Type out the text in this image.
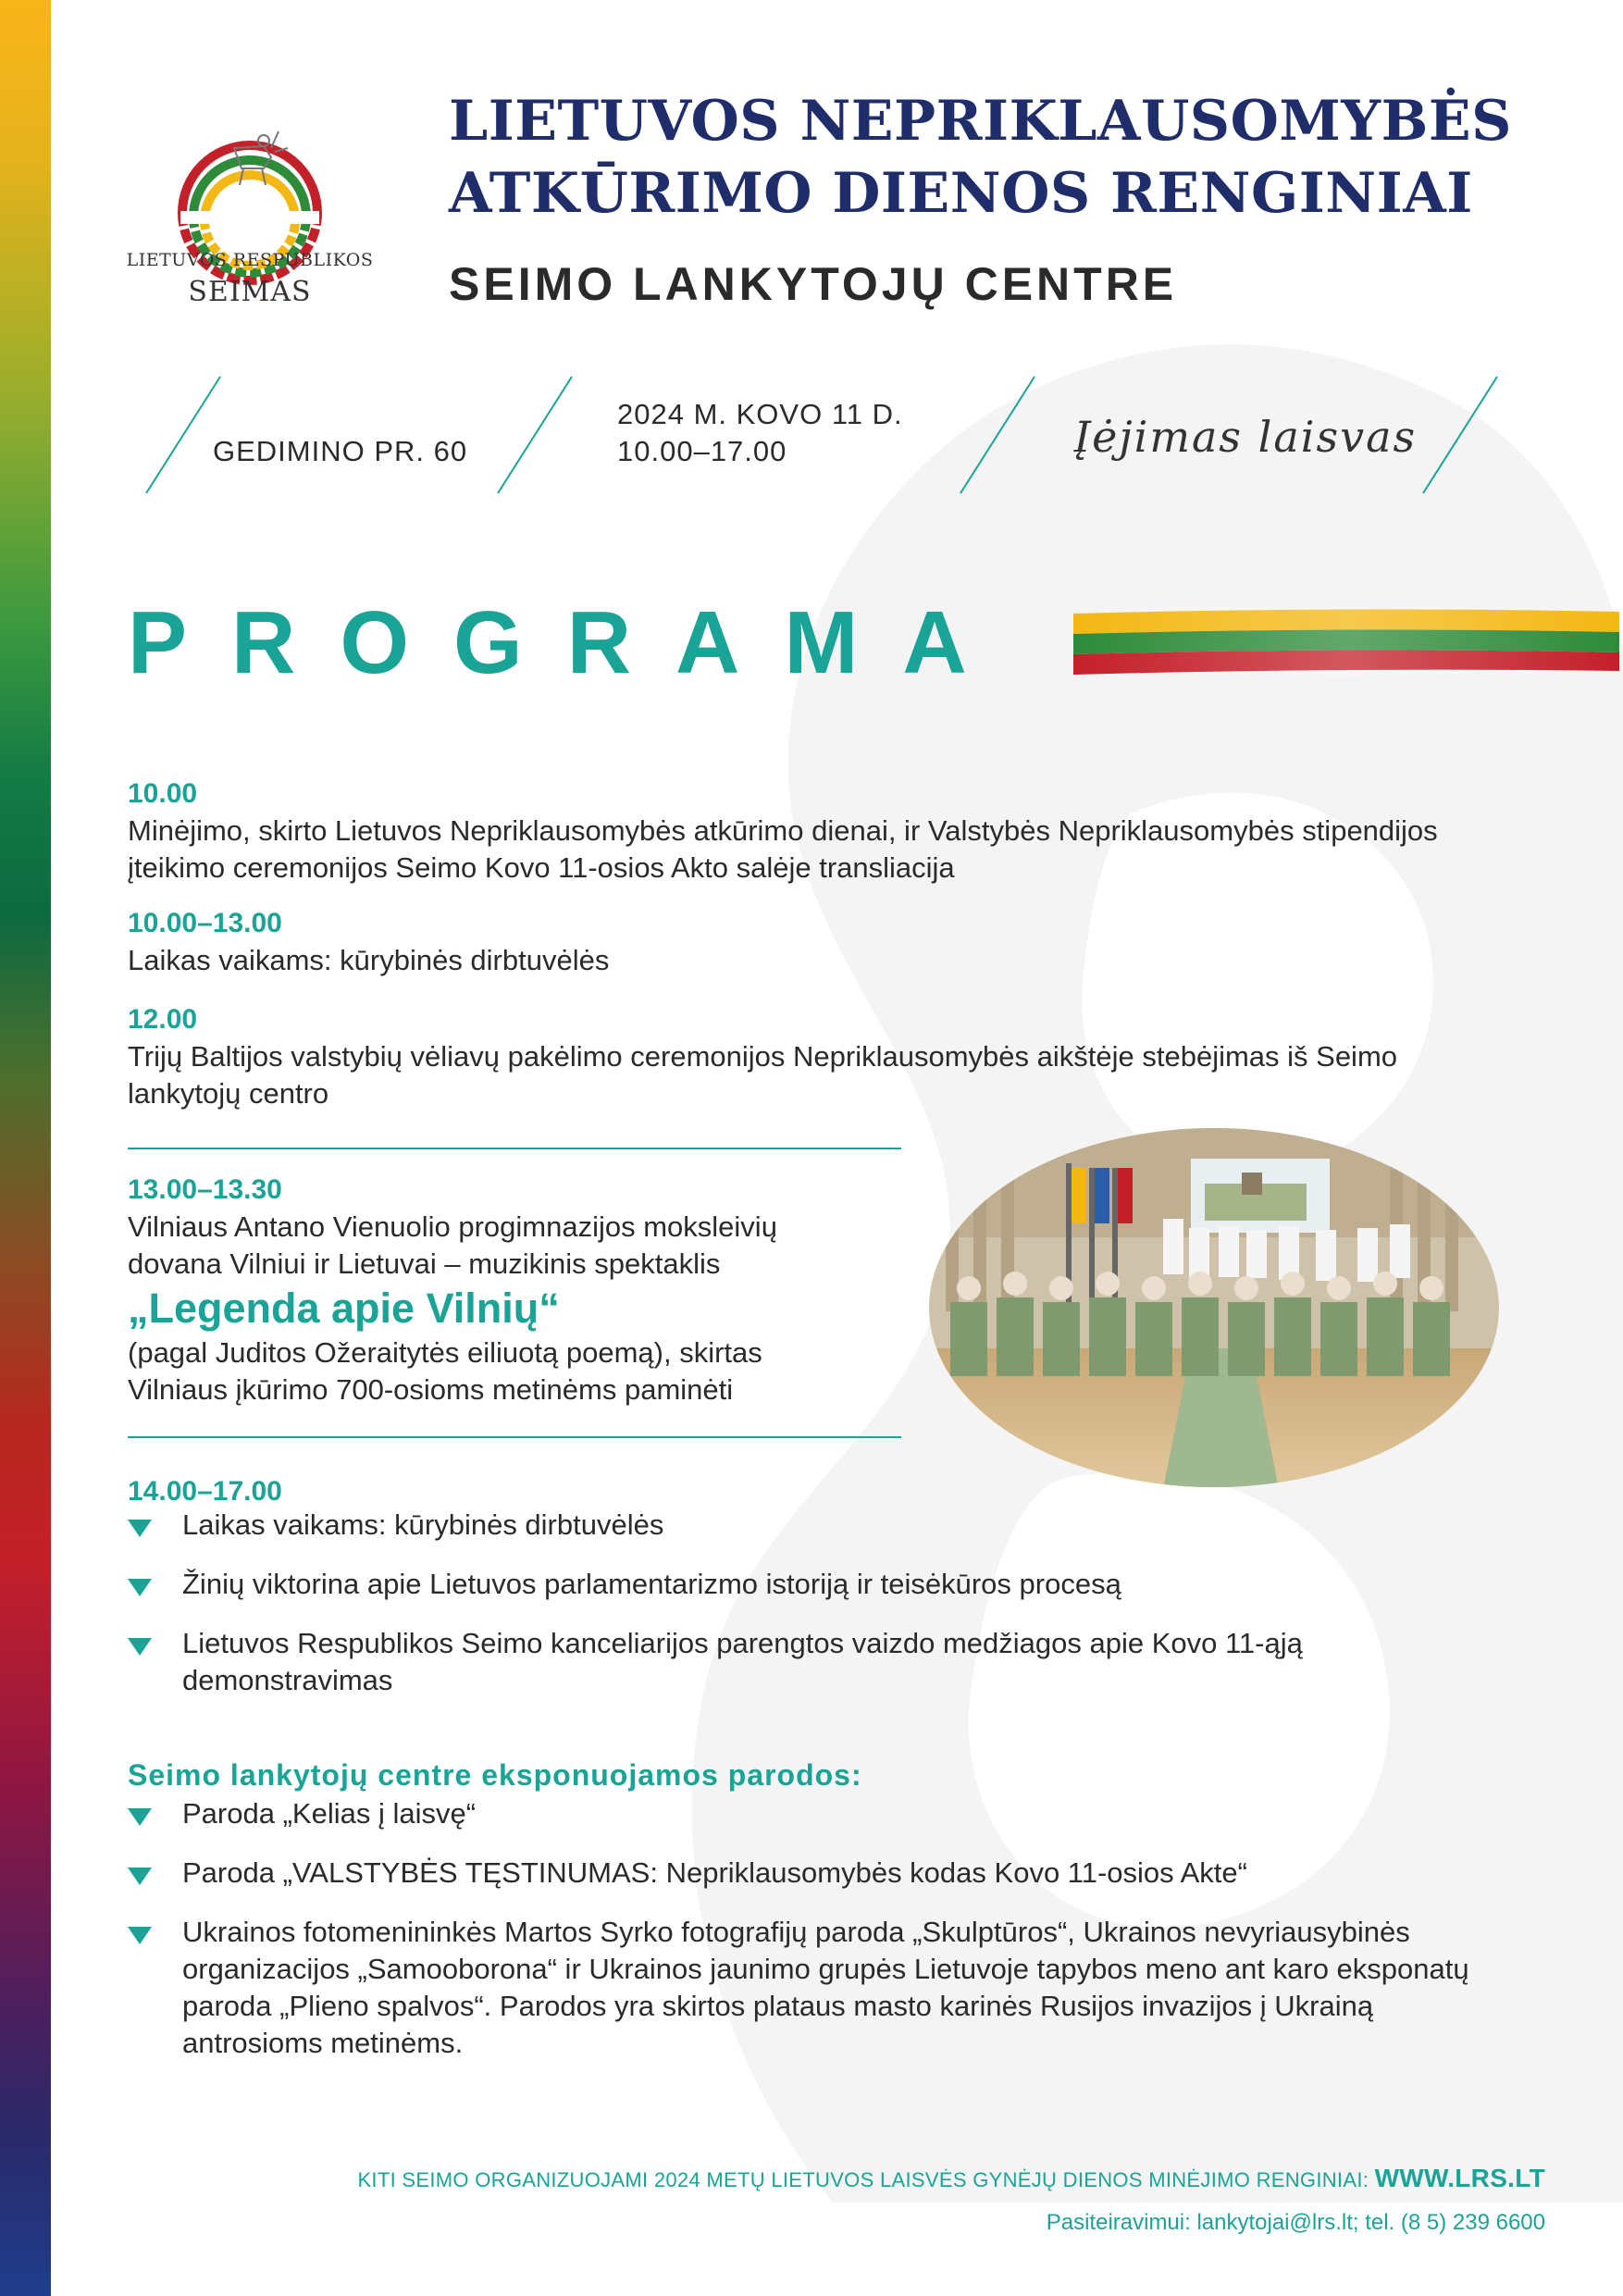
LIETUVOS RESPUBLIKOS
SEIMAS
LIETUVOS NEPRIKLAUSOMYBĖS
ATKŪRIMO DIENOS RENGINIAI
SEIMO LANKYTOJŲ CENTRE
GEDIMINO PR. 60
2024 M. KOVO 11 D.
10.00–17.00	Įėjimas laisvas
PROGRAMA
10.00
Minėjimo, skirto Lietuvos Nepriklausomybės atkūrimo dienai, ir Valstybės Nepriklausomybės stipendijos įteikimo ceremonijos Seimo Kovo 11-osios Akto salėje transliacija
10.00–13.00
Laikas vaikams: kūrybinės dirbtuvėlės
12.00
Trijų Baltijos valstybių vėliavų pakėlimo ceremonijos Nepriklausomybės aikštėje stebėjimas iš Seimo lankytojų centro
13.00–13.30
Vilniaus Antano Vienuolio progimnazijos moksleivių
dovana Vilniui ir Lietuvai – muzikinis spektaklis
„Legenda apie Vilnių“
(pagal Juditos Ožeraitytės eiliuotą poemą), skirtas
Vilniaus įkūrimo 700-osioms metinėms paminėti
14.00–17.00
Laikas vaikams: kūrybinės dirbtuvėlės
Žinių viktorina apie Lietuvos parlamentarizmo istoriją ir teisėkūros procesą
Lietuvos Respublikos Seimo kanceliarijos parengtos vaizdo medžiagos apie Kovo 11-ąją demonstravimas
Seimo lankytojų centre eksponuojamos parodos:
Paroda „Kelias į laisvę“
Paroda „VALSTYBĖS TĘSTINUMAS: Nepriklausomybės kodas Kovo 11-osios Akte“
Ukrainos fotomenininkės Martos Syrko fotografijų paroda „Skulptūros“, Ukrainos nevyriausybinės organizacijos „Samooborona“ ir Ukrainos jaunimo grupės Lietuvoje tapybos meno ant karo eksponatų paroda „Plieno spalvos“. Parodos yra skirtos plataus masto karinės Rusijos invazijos į Ukrainą antrosioms metinėms.
KITI SEIMO ORGANIZUOJAMI 2024 METŲ LIETUVOS LAISVĖS GYNĖJŲ DIENOS MINĖJIMO RENGINIAI: WWW.LRS.LT
Pasiteiravimui: lankytojai@lrs.lt; tel. (8 5) 239 6600
